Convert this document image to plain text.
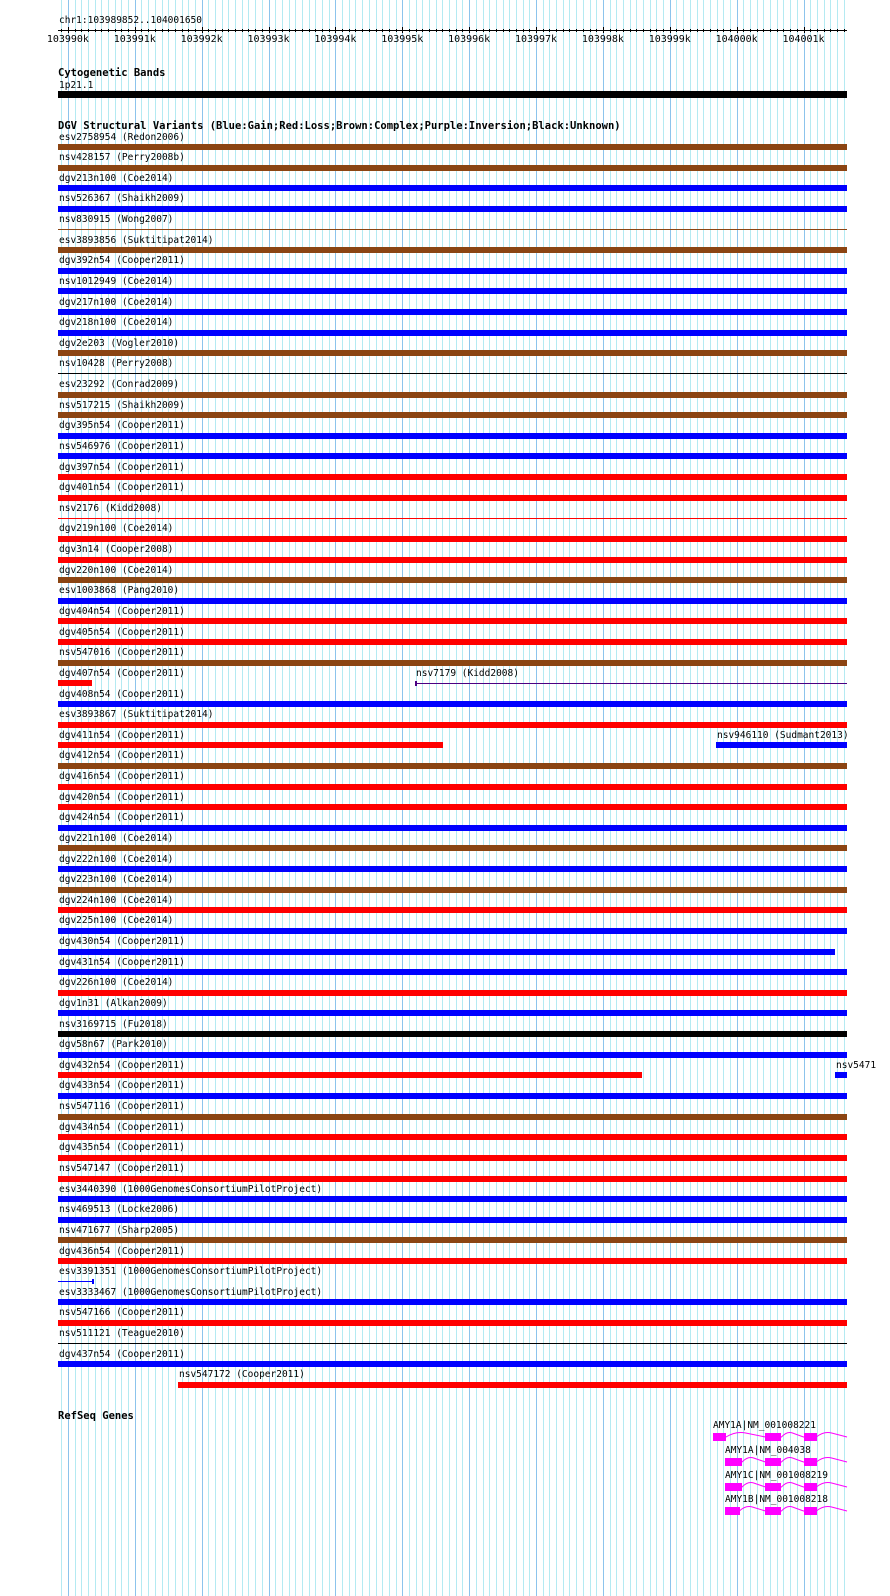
chr1:103989852..104001650
103990k 103991k 103992k 103993k 103994k 103995k 103996k 103997k 103998k 103999k 104000k 104001k
Cytogenetic Bands
1p21.1
DGV Structural Variants (Blue:Gain;Red:Loss;Brown:Complex;Purple:Inversion;Black:Unknown)
esv2758954 (Redon2006)
nsv428157 (Perry2008b)
dgv213n100 (Coe2014)
nsv526367 (Shaikh2009)
nsv830915 (Wong2007)
esv3893856 (Suktitipat2014)
dgv392n54 (Cooper2011)
nsv1012949 (Coe2014)
dgv217n100 (Coe2014)
dgv218n100 (Coe2014)
dgv2e203 (Vogler2010)
nsv10428 (Perry2008)
esv23292 (Conrad2009)
nsv517215 (Shaikh2009)
dgv395n54 (Cooper2011)
nsv546976 (Cooper2011)
dgv397n54 (Cooper2011)
dgv401n54 (Cooper2011)
nsv2176 (Kidd2008)
dgv219n100 (Coe2014)
dgv3n14 (Cooper2008)
dgv220n100 (Coe2014)
esv1003868 (Pang2010)
dgv404n54 (Cooper2011)
dgv405n54 (Cooper2011)
nsv547016 (Cooper2011)
dgv407n54 (Cooper2011)	nsv7179 (Kidd2008)
dgv408n54 (Cooper2011)
esv3893867 (Suktitipat2014)
dgv411n54 (Cooper2011)	nsv946110 (Sudmant2013)
dgv412n54 (Cooper2011)
dgv416n54 (Cooper2011)
dgv420n54 (Cooper2011)
dgv424n54 (Cooper2011)
dgv221n100 (Coe2014)
dgv222n100 (Coe2014)
dgv223n100 (Coe2014)
dgv224n100 (Coe2014)
dgv225n100 (Coe2014)
dgv430n54 (Cooper2011)
dgv431n54 (Cooper2011)
dgv226n100 (Coe2014)
dgv1n31 (Alkan2009)
nsv3169715 (Fu2018)
dgv58n67 (Park2010)
dgv432n54 (Cooper2011)	nsv5471
dgv433n54 (Cooper2011)
nsv547116 (Cooper2011)
dgv434n54 (Cooper2011)
dgv435n54 (Cooper2011)
nsv547147 (Cooper2011)
esv3440390 (1000GenomesConsortiumPilotProject)
nsv469513 (Locke2006)
nsv471677 (Sharp2005)
dgv436n54 (Cooper2011)
esv3391351 (1000GenomesConsortiumPilotProject)
esv3333467 (1000GenomesConsortiumPilotProject)
nsv547166 (Cooper2011)
nsv511121 (Teague2010)
dgv437n54 (Cooper2011)
nsv547172 (Cooper2011)
RefSeq Genes
AMY1A|NM_001008221
AMY1A|NM_004038
AMY1C|NM_001008219
AMY1B|NM_001008218
